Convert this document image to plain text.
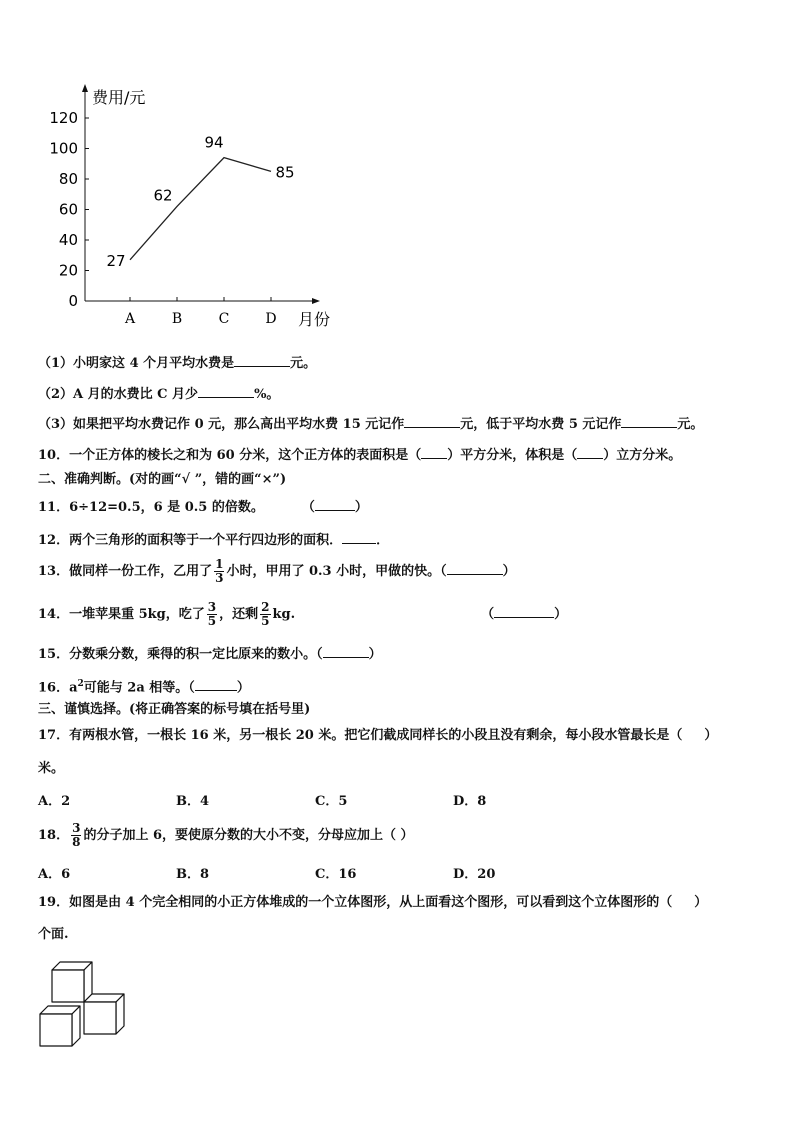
0
20
40
60
80
100
120
A	B	C	D
27
62
94
85
费用/元
月份
（1）小明家这 4 个月平均水费是	元。
（2）A 月的水费比 C 月少	%。
（3）如果把平均水费记作 0 元，那么高出平均水费 15 元记作	元，低于平均水费 5 元记作	元。
10．一个正方体的棱长之和为 60 分米，这个正方体的表面积是（ ）平方分米，体积是（ ）立方分米。
二、准确判断。(对的画“√ ”，错的画“×”)
11．6÷12=0.5，6 是 0.5 的倍数。	（	）
12．两个三角形的面积等于一个平行四边形的面积．	．
13．做同样一份工作，乙用了 $\frac{1}{3}$ 小时，甲用了 0.3 小时，甲做的快。（	）
14．一堆苹果重 5kg，吃了 $\frac{3}{5}$ ，还剩 $\frac{2}{5}$ kg.	（	）
15．分数乘分数，乘得的积一定比原来的数小。（	）
16．$a^2$可能与 2a 相等。（	）
三、谨慎选择。(将正确答案的标号填在括号里)
17．有两根水管，一根长 16 米，另一根长 20 米。把它们截成同样长的小段且没有剩余，每小段水管最长是（ ）
米。
A．2	B．4	C．5	D．8
18． $\frac{3}{8}$ 的分子加上 6，要使原分数的大小不变，分母应加上（ ）
A．6	B．8	C．16	D．20
19．如图是由 4 个完全相同的小正方体堆成的一个立体图形，从上面看这个图形，可以看到这个立体图形的（ ）
个面.
